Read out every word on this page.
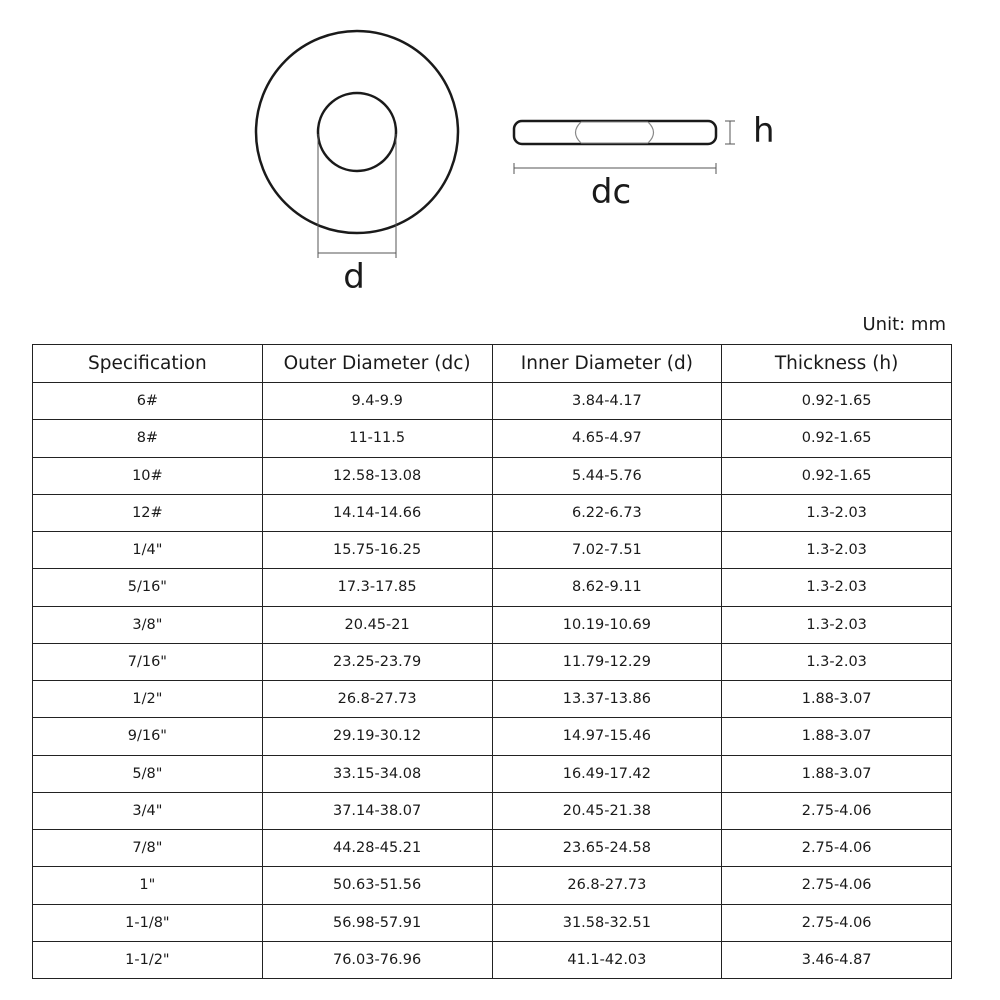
d
dc
h
Unit: mm
Specification	Outer Diameter (dc)	Inner Diameter (d)	Thickness (h)
6#	9.4-9.9	3.84-4.17	0.92-1.65
8#	11-11.5	4.65-4.97	0.92-1.65
10#	12.58-13.08	5.44-5.76	0.92-1.65
12#	14.14-14.66	6.22-6.73	1.3-2.03
1/4"	15.75-16.25	7.02-7.51	1.3-2.03
5/16"	17.3-17.85	8.62-9.11	1.3-2.03
3/8"	20.45-21	10.19-10.69	1.3-2.03
7/16"	23.25-23.79	11.79-12.29	1.3-2.03
1/2"	26.8-27.73	13.37-13.86	1.88-3.07
9/16"	29.19-30.12	14.97-15.46	1.88-3.07
5/8"	33.15-34.08	16.49-17.42	1.88-3.07
3/4"	37.14-38.07	20.45-21.38	2.75-4.06
7/8"	44.28-45.21	23.65-24.58	2.75-4.06
1"	50.63-51.56	26.8-27.73	2.75-4.06
1-1/8"	56.98-57.91	31.58-32.51	2.75-4.06
1-1/2"	76.03-76.96	41.1-42.03	3.46-4.87
